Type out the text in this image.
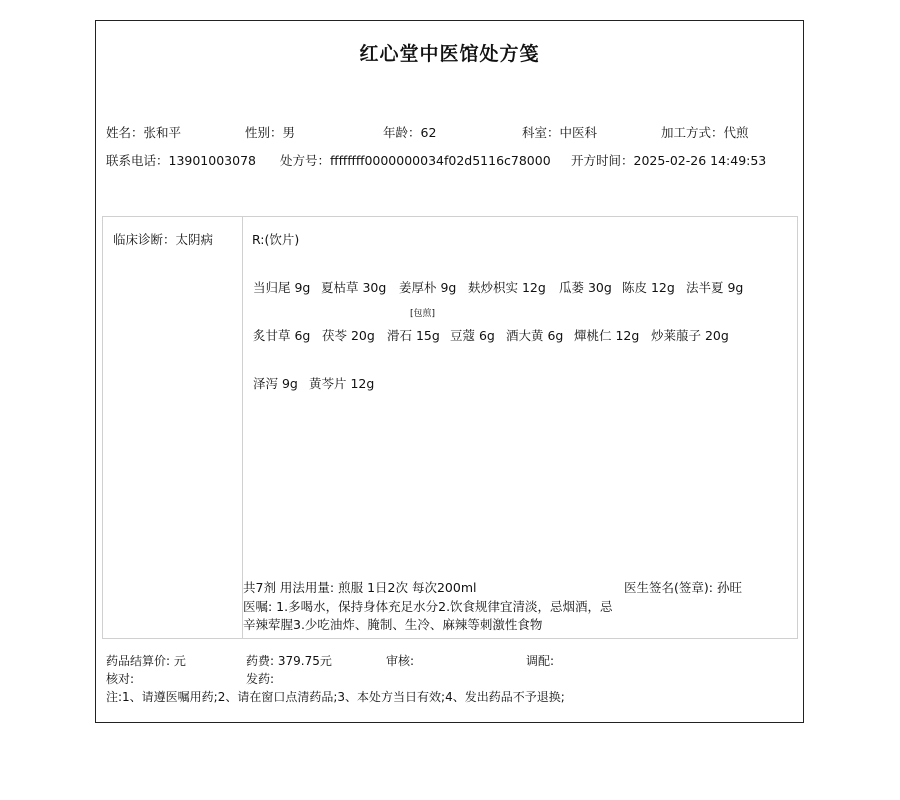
红心堂中医馆处方笺
姓名：张和平	性别：男	年龄：62	科室：中医科	加工方式：代煎
联系电话：13901003078 处方号：ffffffff0000000034f02d5116c78000 开方时间：2025-02-26 14:49:53
临床诊断：太阴病	R:(饮片)
当归尾 9g 夏枯草 30g 姜厚朴 9g 麸炒枳实 12g 瓜蒌 30g 陈皮 12g 法半夏 9g
[包煎]
炙甘草 6g 茯苓 20g 滑石 15g 豆蔻 6g 酒大黄 6g 燀桃仁 12g 炒莱菔子 20g
泽泻 9g 黄芩片 12g
共7剂 用法用量: 煎服 1日2次 每次200ml	医生签名(签章): 孙旺
医嘱: 1.多喝水，保持身体充足水分2.饮食规律宜清淡，忌烟酒，忌
辛辣荤腥3.少吃油炸、腌制、生冷、麻辣等刺激性食物
药品结算价: 元	药费: 379.75元	审核:	调配:
核对:	发药:
注:1、请遵医嘱用药;2、请在窗口点清药品;3、本处方当日有效;4、发出药品不予退换;
